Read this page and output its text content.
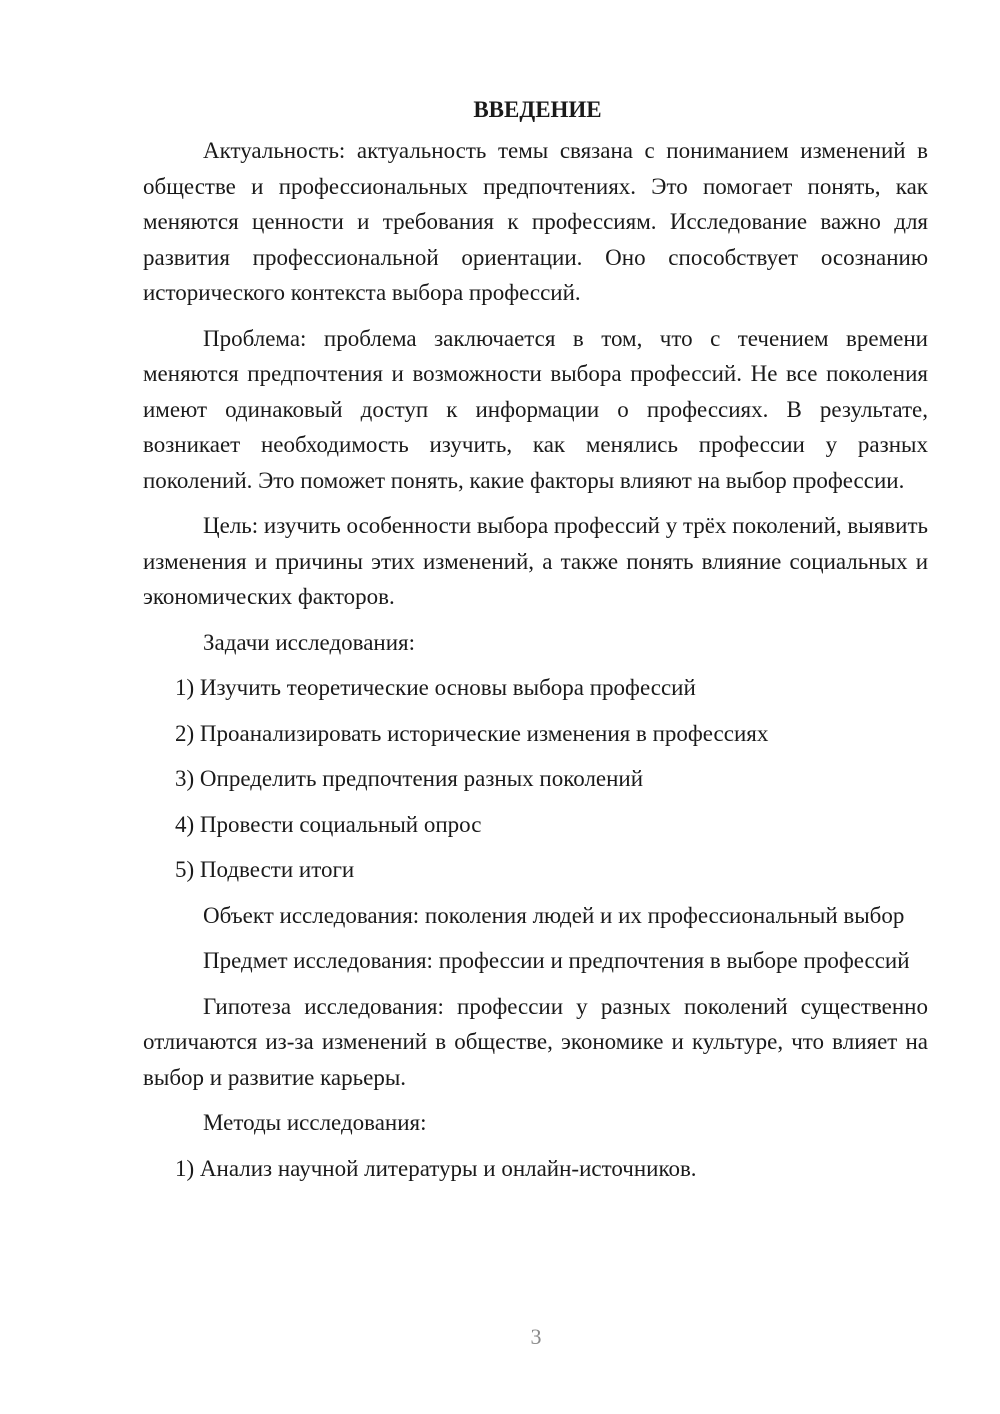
ВВЕДЕНИЕ

Актуальность: актуальность темы связана с пониманием изменений в обществе и профессиональных предпочтениях. Это помогает понять, как меняются ценности и требования к профессиям. Исследование важно для развития профессиональной ориентации. Оно способствует осознанию исторического контекста выбора профессий.

Проблема: проблема заключается в том, что с течением времени меняются предпочтения и возможности выбора профессий. Не все поколения имеют одинаковый доступ к информации о профессиях. В результате, возникает необходимость изучить, как менялись профессии у разных поколений. Это поможет понять, какие факторы влияют на выбор профессии.

Цель: изучить особенности выбора профессий у трёх поколений, выявить изменения и причины этих изменений, а также понять влияние социальных и экономических факторов.

Задачи исследования:

1) Изучить теоретические основы выбора профессий
2) Проанализировать исторические изменения в профессиях
3) Определить предпочтения разных поколений
4) Провести социальный опрос
5) Подвести итоги

Объект исследования: поколения людей и их профессиональный выбор

Предмет исследования: профессии и предпочтения в выборе профессий

Гипотеза исследования: профессии у разных поколений существенно отличаются из-за изменений в обществе, экономике и культуре, что влияет на выбор и развитие карьеры.

Методы исследования:

1) Анализ научной литературы и онлайн-источников.
3
